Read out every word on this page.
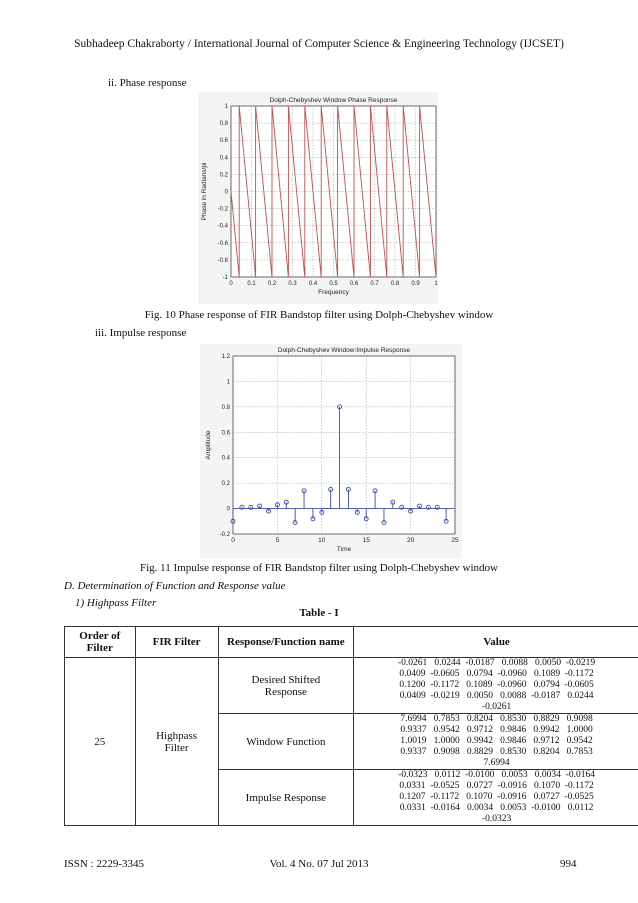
Subhadeep Chakraborty / International Journal of Computer Science & Engineering Technology (IJCSET)
ii. Phase response
Dolph-Chebyshev Window Phase Response
0 0.1 0.2 0.3 0.4 0.5 0.6 0.7 0.8 0.9 1
1
0.8
0.6
0.4
0.2
0
-0.2
-0.4
-0.6
-0.8
-1
Frequency
Phase in Radians/pi
Fig. 10 Phase response of FIR Bandstop filter using Dolph-Chebyshev window
iii. Impulse response
Dolph-Chebyshev Window:Impulse Response
0	5	10	15	20	25
1.2
1
0.8
0.6
0.4
0.2
0
-0.2
Time
Amplitude
Fig. 11 Impulse response of FIR Bandstop filter using Dolph-Chebyshev window
D. Determination of Function and Response value
1) Highpass Filter
Table - I
Order of Filter	FIR Filter	Response/Function name	Value
25	Highpass Filter	Desired Shifted Response	-0.0261   0.0244  -0.0187   0.0088   0.0050  -0.0219
0.0409  -0.0605   0.0794  -0.0960   0.1089  -0.1172
0.1200  -0.1172   0.1089  -0.0960   0.0794  -0.0605
0.0409  -0.0219   0.0050   0.0088  -0.0187   0.0244
-0.0261

		Window Function	7.6994   0.7853   0.8204   0.8530   0.8829   0.9098
0.9337   0.9542   0.9712   0.9846   0.9942   1.0000
1.0019   1.0000   0.9942   0.9846   0.9712   0.9542
0.9337   0.9098   0.8829   0.8530   0.8204   0.7853
7.6994

		Impulse Response	-0.0323   0.0112  -0.0100   0.0053   0.0034  -0.0164
0.0331  -0.0525   0.0727  -0.0916   0.1070  -0.1172
0.1207  -0.1172   0.1070  -0.0916   0.0727  -0.0525
0.0331  -0.0164   0.0034   0.0053  -0.0100   0.0112
-0.0323
ISSN : 2229-3345	Vol. 4 No. 07 Jul 2013	994
